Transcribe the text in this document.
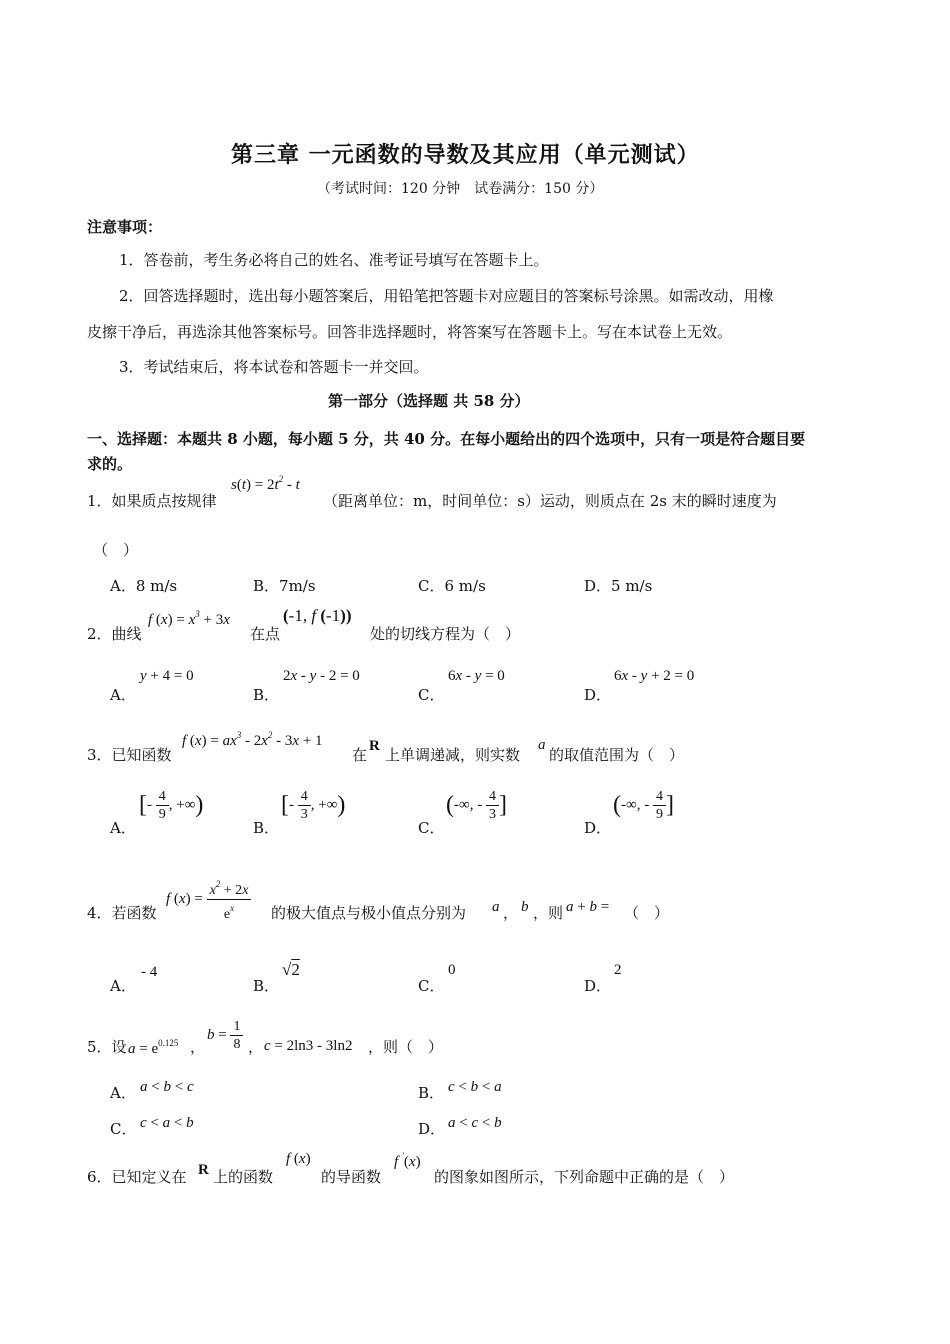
第三章 一元函数的导数及其应用（单元测试）
（考试时间：120 分钟　试卷满分：150 分）
注意事项：
1．答卷前，考生务必将自己的姓名、准考证号填写在答题卡上。
2．回答选择题时，选出每小题答案后，用铅笔把答题卡对应题目的答案标号涂黑。如需改动，用橡
皮擦干净后，再选涂其他答案标号。回答非选择题时，将答案写在答题卡上。写在本试卷上无效。
3．考试结束后，将本试卷和答题卡一并交回。
第一部分（选择题 共 58 分）
一、选择题：本题共 8 小题，每小题 5 分，共 40 分。在每小题给出的四个选项中，只有一项是符合题目要
求的。
1．如果质点按规律
$s(t) = 2t^2 - t$
（距离单位：m，时间单位：s）运动，则质点在 2s 末的瞬时速度为
（　）
A．8 m/s	B．7m/s	C．6 m/s	D．5 m/s
2．曲线
f $(x) = x^3 + 3x$
在点
(-1, f (-1))
处的切线方程为（　）
A．
y + 4 = 0
B．
2x - y - 2 = 0
C．
6x - y = 0
D．
6x - y + 2 = 0
3．已知函数
f $(x) = ax^3 - 2x^2 - 3x + 1$
在 R 上单调递减，则实数
a
的取值范围为（　）
A．
[- $\frac{4}{9}$ , +∞)
B．
[- $\frac{4}{3}$ , +∞)
C．
(-∞, - $\frac{4}{3}$ ]
D．
(-∞, - $\frac{4}{9}$ ]
4．若函数
f $(x) = \frac{x^2 + 2x}{e^x}$ 的极大值点与极小值点分别为 a ， b ，则 a + b = （　）
A．
- 4
B．
√2
C．
0
D．
2
5．设 $a = e^{0.125}$ ，
$b = \frac{1}{8}$ ， c = 2ln3 - 3ln2 ，则（　）
A． a < b < c	B． c < b < a
C． c < a < b	D． a < c < b
6．已知定义在 R 上的函数
f (x)
的导函数
f ′(x)
的图象如图所示，下列命题中正确的是（　）
